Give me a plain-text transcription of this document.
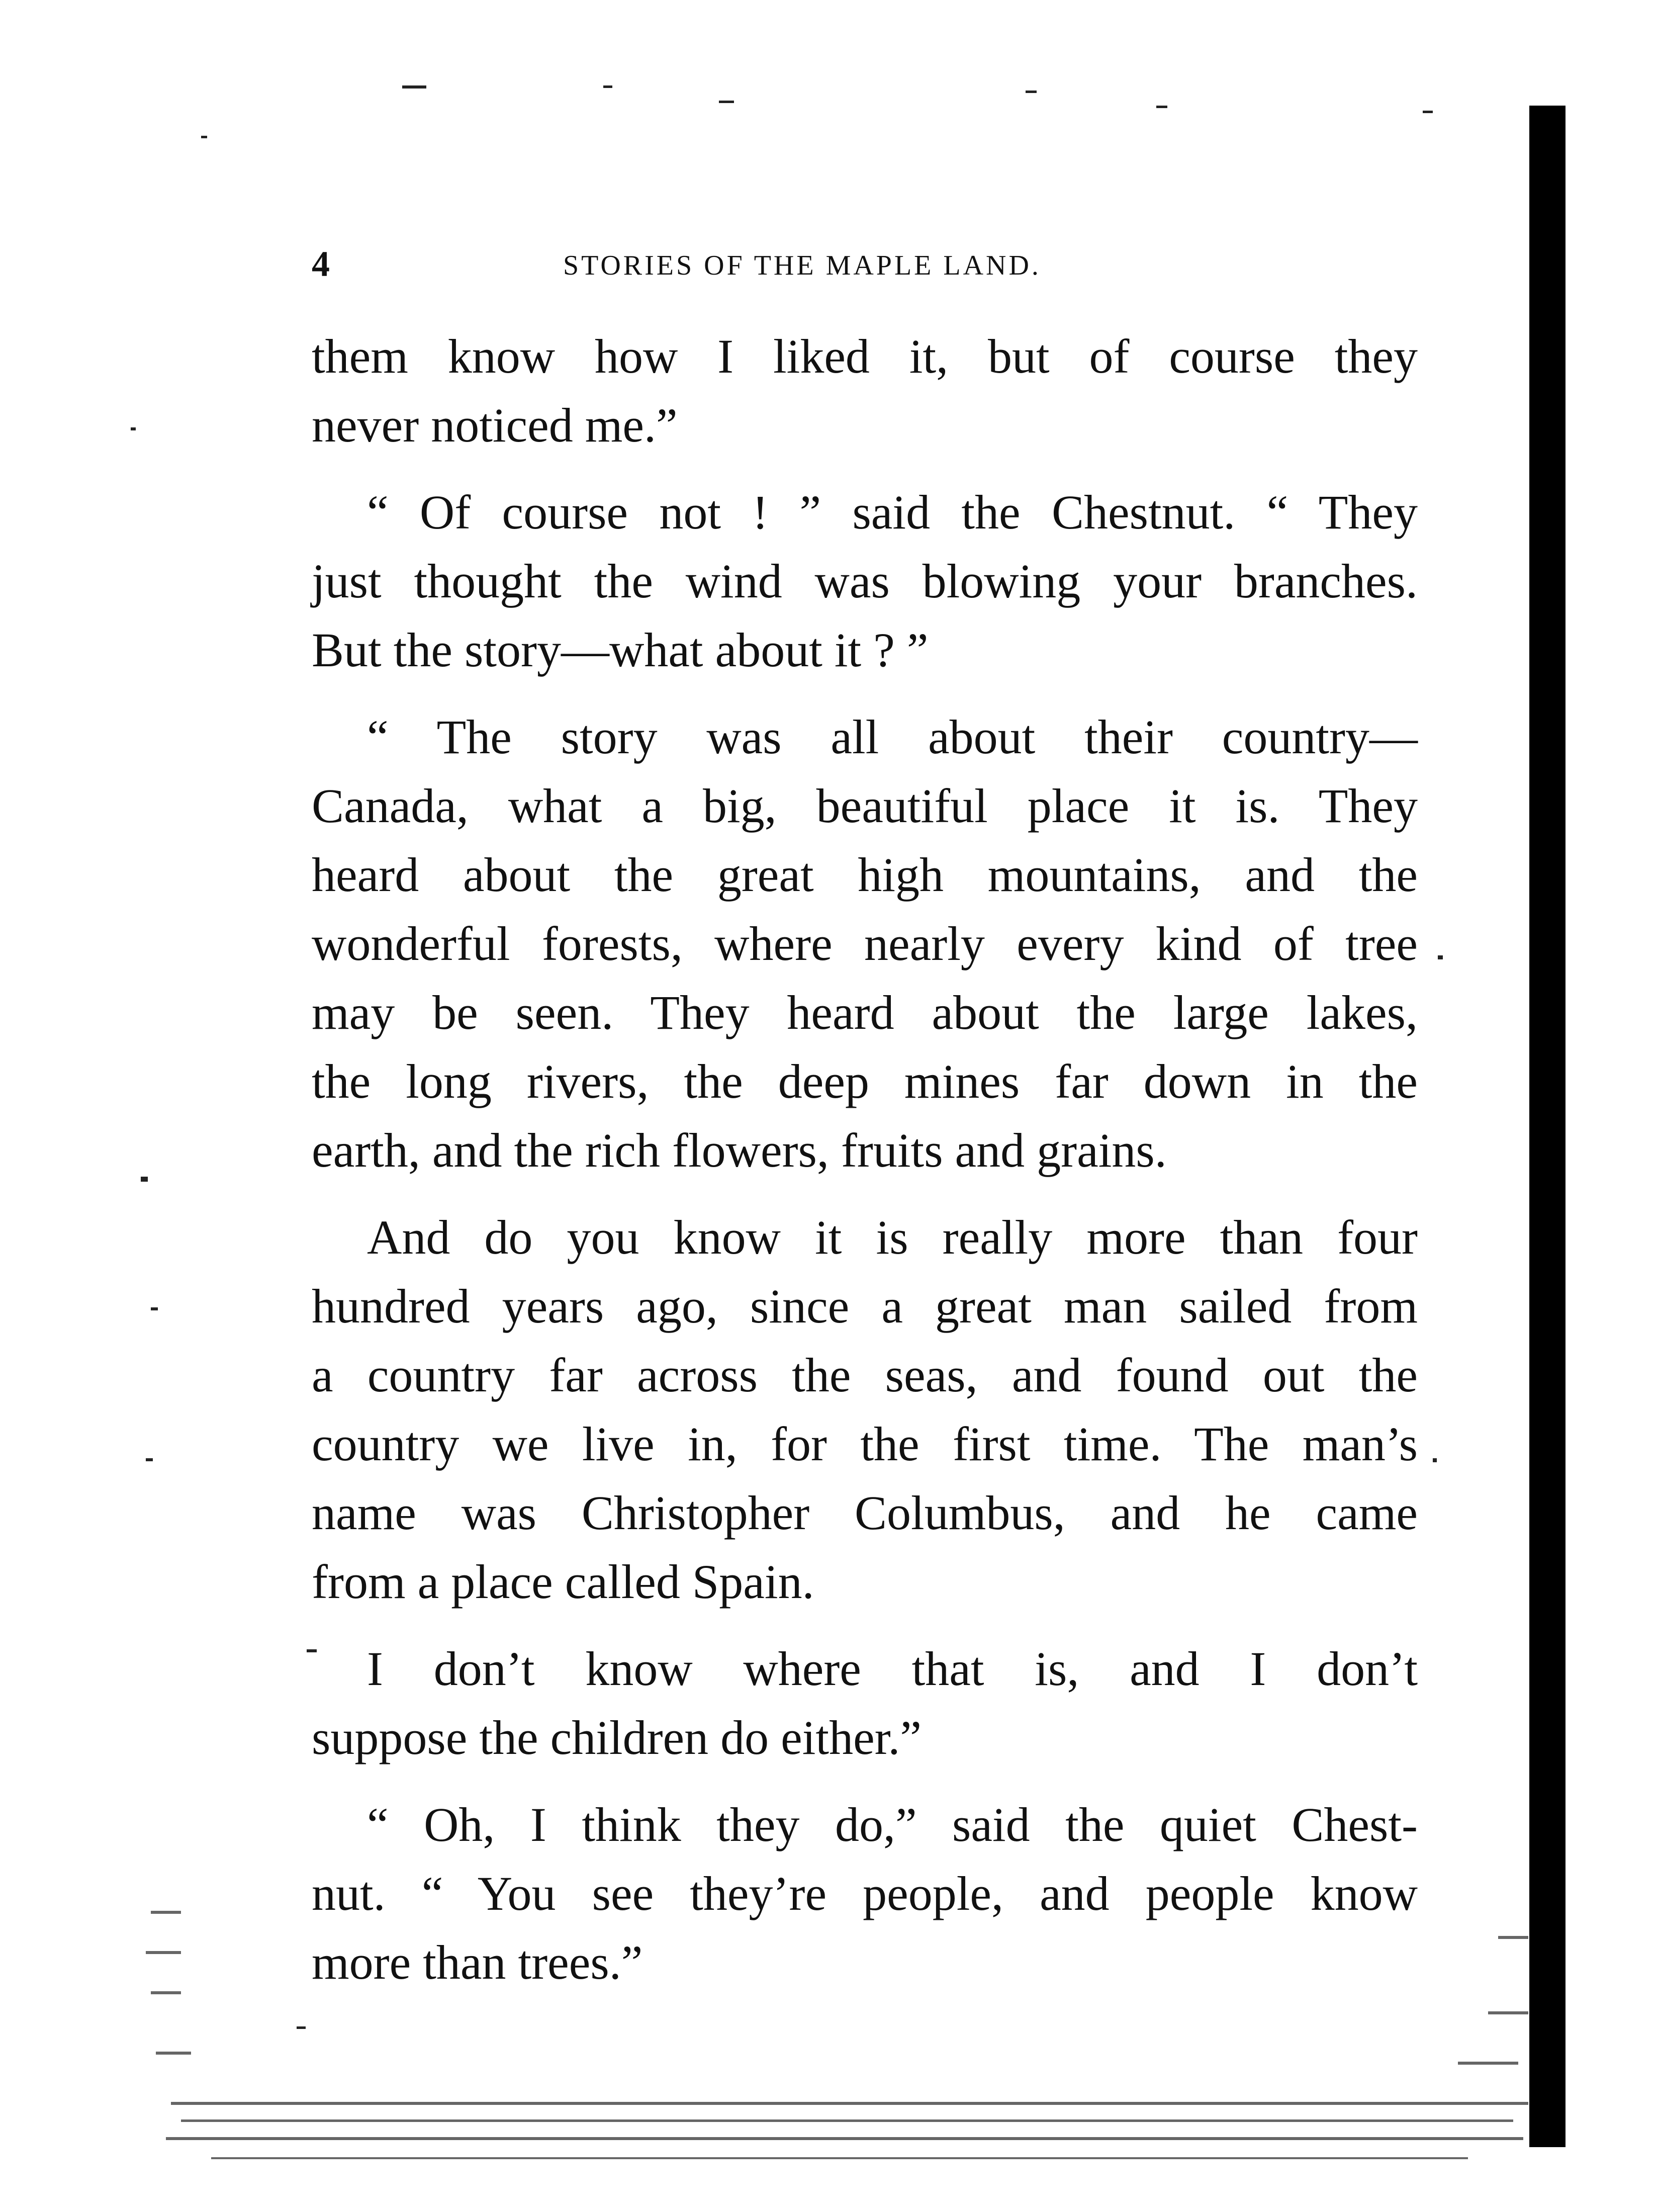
4	STORIES OF THE MAPLE LAND.

them know how I liked it, but of course they
never noticed me.”

“ Of course not ! ” said the Chestnut. “ They
just thought the wind was blowing your branches.
But the story—what about it ? ”

“ The story was all about their country—
Canada, what a big, beautiful place it is. They
heard about the great high mountains, and the
wonderful forests, where nearly every kind of tree
may be seen. They heard about the large lakes,
the long rivers, the deep mines far down in the
earth, and the rich flowers, fruits and grains.

And do you know it is really more than four
hundred years ago, since a great man sailed from
a country far across the seas, and found out the
country we live in, for the first time. The man’s
name was Christopher Columbus, and he came
from a place called Spain.

I don’t know where that is, and I don’t
suppose the children do either.”

“ Oh, I think they do,” said the quiet Chest-
nut. “ You see they’re people, and people know
more than trees.”
